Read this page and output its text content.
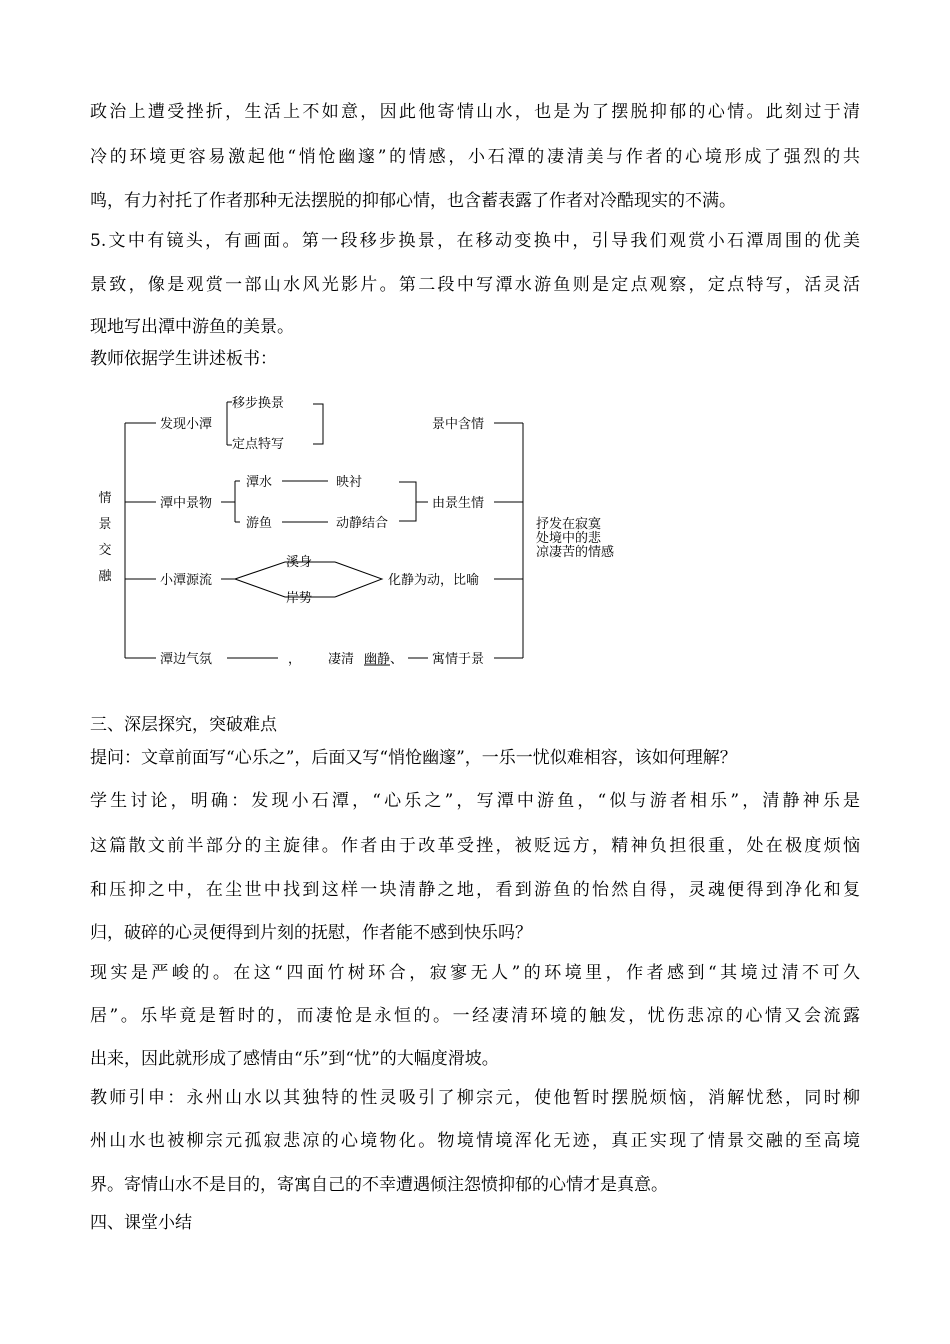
政治上遭受挫折，生活上不如意，因此他寄情山水，也是为了摆脱抑郁的心情。此刻过于清
冷的环境更容易激起他“悄怆幽邃”的情感，小石潭的凄清美与作者的心境形成了强烈的共
鸣，有力衬托了作者那种无法摆脱的抑郁心情，也含蓄表露了作者对冷酷现实的不满。
5.文中有镜头，有画面。第一段移步换景，在移动变换中，引导我们观赏小石潭周围的优美
景致，像是观赏一部山水风光影片。第二段中写潭水游鱼则是定点观察，定点特写，活灵活
现地写出潭中游鱼的美景。
教师依据学生讲述板书：
情
景
交
融
发现小潭
潭中景物
小潭源流
潭边气氛
移步换景
定点特写
潭水
游鱼
映衬
动静结合
溪身
岸势
， 凄清 幽静、
景中含情
由景生情
化静为动，比喻
寓情于景
抒发在寂寞
处境中的悲
凉凄苦的情感
三、深层探究，突破难点
提问：文章前面写“心乐之”，后面又写“悄怆幽邃”，一乐一忧似难相容，该如何理解？
学生讨论，明确：发现小石潭，“心乐之”，写潭中游鱼，“似与游者相乐”，清静神乐是
这篇散文前半部分的主旋律。作者由于改革受挫，被贬远方，精神负担很重，处在极度烦恼
和压抑之中，在尘世中找到这样一块清静之地，看到游鱼的怡然自得，灵魂便得到净化和复
归，破碎的心灵便得到片刻的抚慰，作者能不感到快乐吗？
现实是严峻的。在这“四面竹树环合，寂寥无人”的环境里，作者感到“其境过清不可久
居”。乐毕竟是暂时的，而凄怆是永恒的。一经凄清环境的触发，忧伤悲凉的心情又会流露
出来，因此就形成了感情由“乐”到“忧”的大幅度滑坡。
教师引申：永州山水以其独特的性灵吸引了柳宗元，使他暂时摆脱烦恼，消解忧愁，同时柳
州山水也被柳宗元孤寂悲凉的心境物化。物境情境浑化无迹，真正实现了情景交融的至高境
界。寄情山水不是目的，寄寓自己的不幸遭遇倾注怨愤抑郁的心情才是真意。
四、课堂小结
